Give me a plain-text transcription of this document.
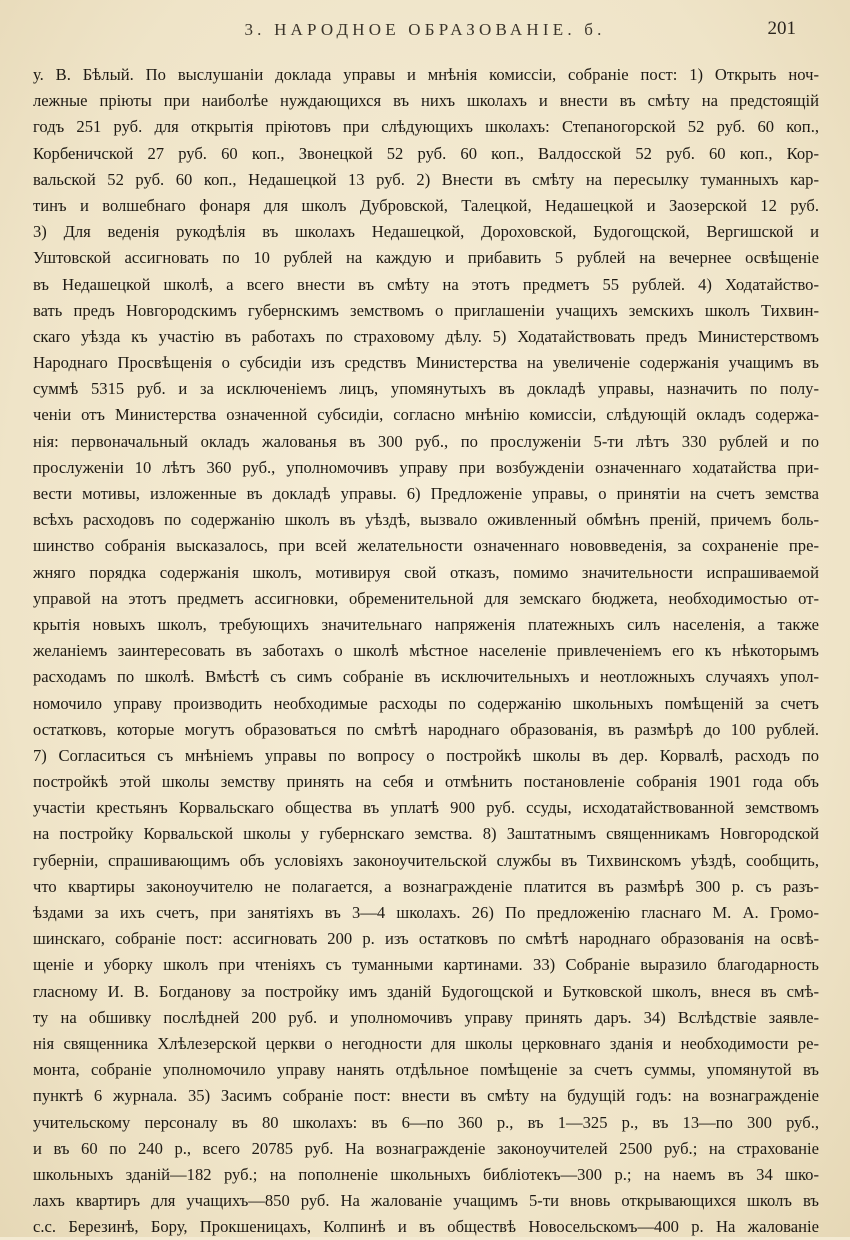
3. НАРОДНОЕ ОБРАЗОВАНIЕ. б.	201
у. В. Бѣлый. По выслушанiи доклада управы и мнѣнiя комиссiи, собранiе пост: 1) Открыть ноч-
лежные прiюты при наиболѣе нуждающихся въ нихъ школахъ и внести въ смѣту на предстоящiй
годъ 251 руб. для открытiя прiютовъ при слѣдующихъ школахъ: Степаногорской 52 руб. 60 коп.,
Корбеничской 27 руб. 60 коп., Звонецкой 52 руб. 60 коп., Валдосской 52 руб. 60 коп., Кор-
вальской 52 руб. 60 коп., Недашецкой 13 руб. 2) Внести въ смѣту на пересылку туманныхъ кар-
тинъ и волшебнаго фонаря для школъ Дубровской, Талецкой, Недашецкой и Заозерской 12 руб.
3) Для веденiя рукодѣлiя въ школахъ Недашецкой, Дороховской, Будогощской, Вергишской и
Уштовской ассигновать по 10 рублей на каждую и прибавить 5 рублей на вечернее освѣщенiе
въ Недашецкой школѣ, а всего внести въ смѣту на этотъ предметъ 55 рублей. 4) Ходатайство-
вать предъ Новгородскимъ губернскимъ земствомъ о приглашенiи учащихъ земскихъ школъ Тихвин-
скаго уѣзда къ участiю въ работахъ по страховому дѣлу. 5) Ходатайствовать предъ Министерствомъ
Народнаго Просвѣщенiя о субсидiи изъ средствъ Министерства на увеличенiе содержанiя учащимъ въ
суммѣ 5315 руб. и за исключенiемъ лицъ, упомянутыхъ въ докладѣ управы, назначить по полу-
ченiи отъ Министерства означенной субсидiи, согласно мнѣнiю комиссiи, слѣдующiй окладъ содержа-
нiя: первоначальный окладъ жалованья въ 300 руб., по прослуженiи 5-ти лѣтъ 330 рублей и по
прослуженiи 10 лѣтъ 360 руб., уполномочивъ управу при возбужденiи означеннаго ходатайства при-
вести мотивы, изложенные въ докладѣ управы. 6) Предложенiе управы, о принятiи на счетъ земства
всѣхъ расходовъ по содержанiю школъ въ уѣздѣ, вызвало оживленный обмѣнъ пренiй, причемъ боль-
шинство собранiя высказалось, при всей желательности означеннаго нововведенiя, за сохраненiе пре-
жняго порядка содержанiя школъ, мотивируя свой отказъ, помимо значительности испрашиваемой
управой на этотъ предметъ ассигновки, обременительной для земскаго бюджета, необходимостью от-
крытiя новыхъ школъ, требующихъ значительнаго напряженiя платежныхъ силъ населенiя, а также
желанiемъ заинтересовать въ заботахъ о школѣ мѣстное населенiе привлеченiемъ его къ нѣкоторымъ
расходамъ по школѣ. Вмѣстѣ съ симъ собранiе въ исключительныхъ и неотложныхъ случаяхъ упол-
номочило управу производить необходимые расходы по содержанiю школьныхъ помѣщенiй за счетъ
остатковъ, которые могутъ образоваться по смѣтѣ народнаго образованiя, въ размѣрѣ до 100 рублей.
7) Согласиться съ мнѣнiемъ управы по вопросу о постройкѣ школы въ дер. Корвалѣ, расходъ по
постройкѣ этой школы земству принять на себя и отмѣнить постановленiе собранiя 1901 года объ
участiи крестьянъ Корвальскаго общества въ уплатѣ 900 руб. ссуды, исходатайствованной земствомъ
на постройку Корвальской школы у губернскаго земства. 8) Заштатнымъ священникамъ Новгородской
губернiи, спрашивающимъ объ условiяхъ законоучительской службы въ Тихвинскомъ уѣздѣ, сообщить,
что квартиры законоучителю не полагается, а вознагражденiе платится въ размѣрѣ 300 р. съ разъ-
ѣздами за ихъ счетъ, при занятiяхъ въ 3—4 школахъ. 26) По предложенiю гласнаго М. А. Громо-
шинскаго, собранiе пост: ассигновать 200 р. изъ остатковъ по смѣтѣ народнаго образованiя на освѣ-
щенiе и уборку школъ при чтенiяхъ съ туманными картинами. 33) Собранiе выразило благодарность
гласному И. В. Богданову за постройку имъ зданiй Будогощской и Бутковской школъ, внеся въ смѣ-
ту на обшивку послѣдней 200 руб. и уполномочивъ управу принять даръ. 34) Вслѣдствiе заявле-
нiя священника Хлѣлезерской церкви о негодности для школы церковнаго зданiя и необходимости ре-
монта, собранiе уполномочило управу нанять отдѣльное помѣщенiе за счетъ суммы, упомянутой въ
пунктѣ 6 журнала. 35) Засимъ собранiе пост: внести въ смѣту на будущiй годъ: на вознагражденiе
учительскому персоналу въ 80 школахъ: въ 6—по 360 р., въ 1—325 р., въ 13—по 300 руб.,
и въ 60 по 240 р., всего 20785 руб. На вознагражденiе законоучителей 2500 руб.; на страхованiе
школьныхъ зданiй—182 руб.; на пополненiе школьныхъ библiотекъ—300 р.; на наемъ въ 34 шко-
лахъ квартиръ для учащихъ—850 руб. На жалованiе учащимъ 5-ти вновь открывающихся школъ въ
с.с. Березинѣ, Бору, Прокшеницахъ, Колпинѣ и въ обществѣ Новосельскомъ—400 р. На жалованiе
